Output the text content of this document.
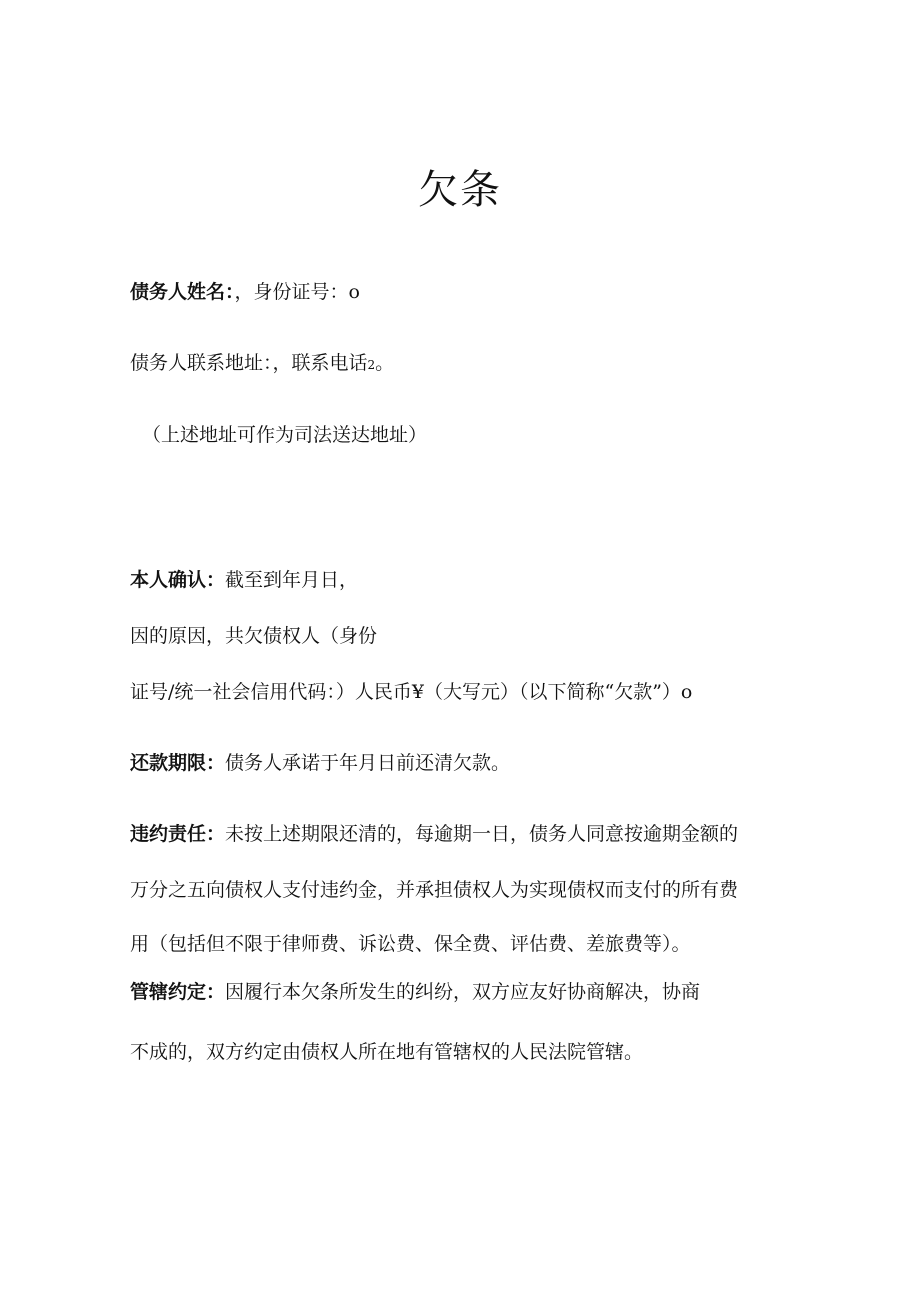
欠条
债务人姓名：，身份证号：o
债务人联系地址：，联系电话2。
（上述地址可作为司法送达地址）
本人确认：截至到年月日，
因的原因，共欠债权人（身份
证号/统一社会信用代码：）人民币¥（大写元）（以下简称“欠款”）o
还款期限：债务人承诺于年月日前还清欠款。
违约责任：未按上述期限还清的，每逾期一日，债务人同意按逾期金额的
万分之五向债权人支付违约金，并承担债权人为实现债权而支付的所有费
用（包括但不限于律师费、诉讼费、保全费、评估费、差旅费等）。
管辖约定：因履行本欠条所发生的纠纷，双方应友好协商解决，协商
不成的，双方约定由债权人所在地有管辖权的人民法院管辖。
